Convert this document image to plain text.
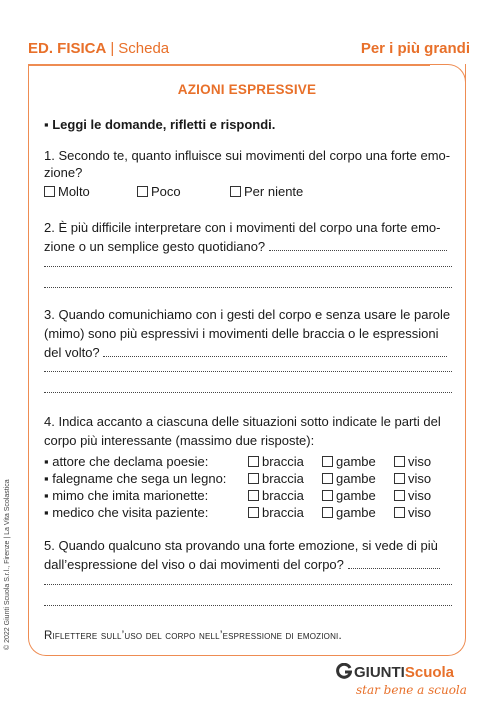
ED. FISICA | Scheda	Per i più grandi
AZIONI ESPRESSIVE
▪ Leggi le domande, rifletti e rispondi.
1. Secondo te, quanto influisce sui movimenti del corpo una forte emo-
zione?
Molto	Poco	Per niente
2. È più difficile interpretare con i movimenti del corpo una forte emo-
zione o un semplice gesto quotidiano?
3. Quando comunichiamo con i gesti del corpo e senza usare le parole
(mimo) sono più espressivi i movimenti delle braccia o le espressioni
del volto?
4. Indica accanto a ciascuna delle situazioni sotto indicate le parti del
corpo più interessante (massimo due risposte):
▪ attore che declama poesie:	braccia gambe viso
▪ falegname che sega un legno:	braccia gambe viso
▪ mimo che imita marionette:	braccia gambe viso
▪ medico che visita paziente:	braccia gambe viso
5. Quando qualcuno sta provando una forte emozione, si vede di più
dall’espressione del viso o dai movimenti del corpo?
Riflettere sull’uso del corpo nell’espressione di emozioni.
© 2022 Giunti Scuola S.r.l., Firenze | La Vita Scolastica
GIUNTIScuola
star bene a scuola
